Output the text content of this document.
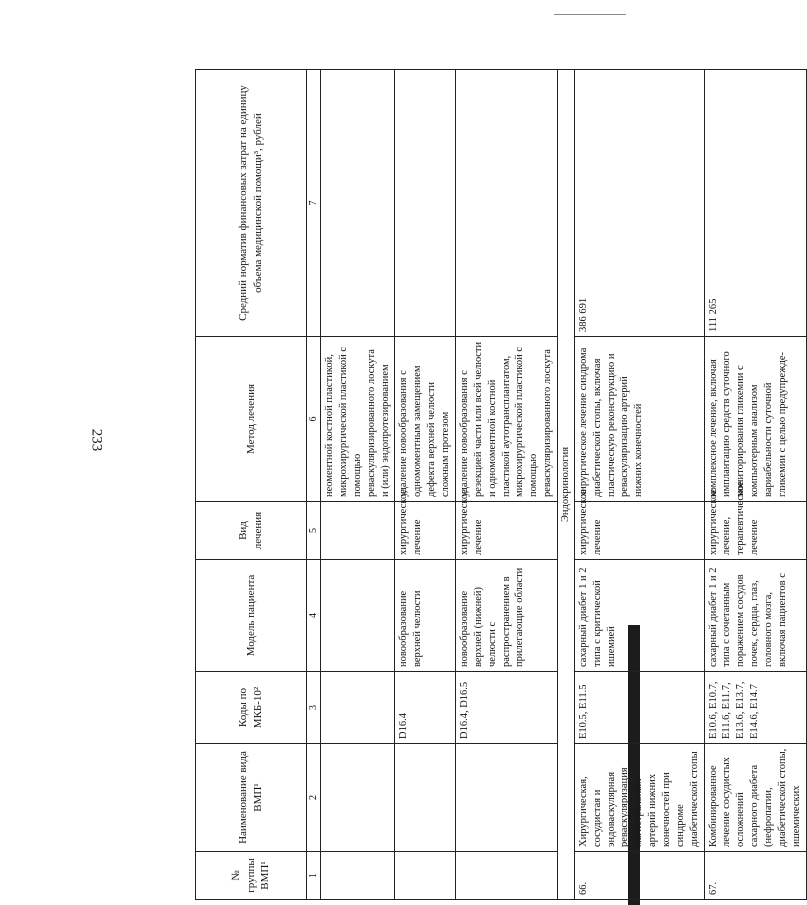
233
№ группы ВМП¹	Наименование вида ВМП¹	Коды по МКБ-10²	Модель пациента	Вид лечения	Метод лечения	Средний норматив финансовых затрат на единицу объема медицинской помощи³, рублей
1	2	3	4	5	6	7
					неоментной костной пластикой, микрохирургической пластикой с помощью реваскуляризированного лоскута и (или) эндопротезированием	
		D16.4	новообразование верхней челюсти	хирургическое лечение	удаление новообразования с одномоментным замещением дефекта верхней челюсти сложным протезом	
		D16.4, D16.5	новообразование верхней (нижней) челюсти с распространением в прилегающие области	хирургическое лечение	удаление новообразования с резекцией части или всей челюсти и одномоментной костной пластикой аутотрансплантатом, микрохирургической пластикой с помощью реваскуляризированного лоскута	
Эндокринология						
66.	Хирургическая, сосудистая и эндоваскулярная реваскуляризация магистральных артерий нижних конечностей при синдроме диабетической стопы	E10.5, E11.5	сахарный диабет 1 и 2 типа с критической ишемией	хирургическое лечение	хирургическое лечение синдрома диабетической стопы, включая пластическую реконструкцию и реваскуляризацию артерий нижних конечностей	386 691
67.	Комбинированное лечение сосудистых осложнений сахарного диабета (нефропатии, диабетической стопы, ишемических	E10.6, E10.7, E11.6, E11.7, E13.6, E13.7, E14.6, E14.7	сахарный диабет 1 и 2 типа с сочетанным поражением сосудов почек, сердца, глаз, головного мозга, включая пациентов с	хирургическое лечение, терапевтическое лечение	комплексное лечение, включая имплантацию средств суточного мониторирования гликемии с компьютерным анализом вариабельности суточной гликемии с целью предупрежде-	111 265
